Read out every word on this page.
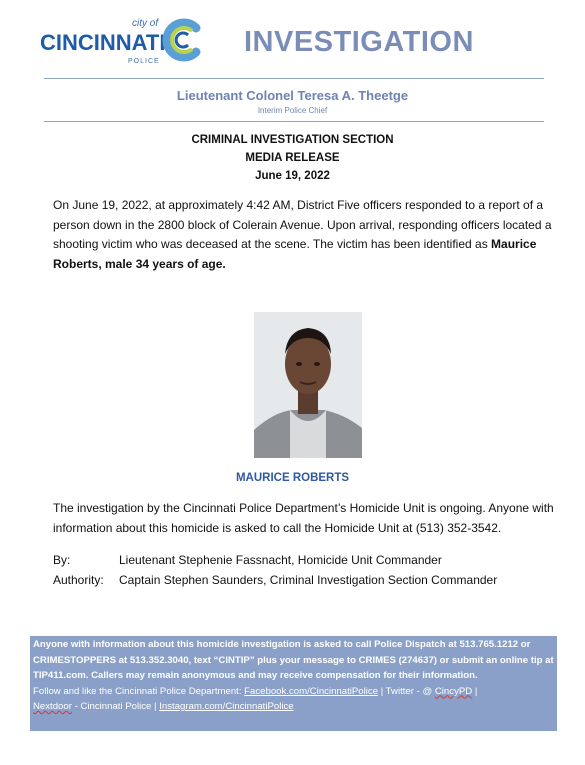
city of
CINCINNATI
POLICE
INVESTIGATION
Lieutenant Colonel Teresa A. Theetge
Interim Police Chief
CRIMINAL INVESTIGATION SECTION
MEDIA RELEASE
June 19, 2022
On June 19, 2022, at approximately 4:42 AM, District Five officers responded to a report of a person down in the 2800 block of Colerain Avenue. Upon arrival, responding officers located a shooting victim who was deceased at the scene. The victim has been identified as Maurice Roberts, male 34 years of age.
MAURICE ROBERTS
The investigation by the Cincinnati Police Department’s Homicide Unit is ongoing. Anyone with information about this homicide is asked to call the Homicide Unit at (513) 352-3542.
By:	Lieutenant Stephenie Fassnacht, Homicide Unit Commander
Authority: Captain Stephen Saunders, Criminal Investigation Section Commander
Anyone with information about this homicide investigation is asked to call Police Dispatch at 513.765.1212 or CRIMESTOPPERS at 513.352.3040, text “CINTIP” plus your message to CRIMES (274637) or submit an online tip at TIP411.com. Callers may remain anonymous and may receive compensation for their information.
Follow and like the Cincinnati Police Department: Facebook.com/CincinnatiPolice | Twitter - @ CincyPD |
Nextdoor - Cincinnati Police | Instagram.com/CincinnatiPolice
